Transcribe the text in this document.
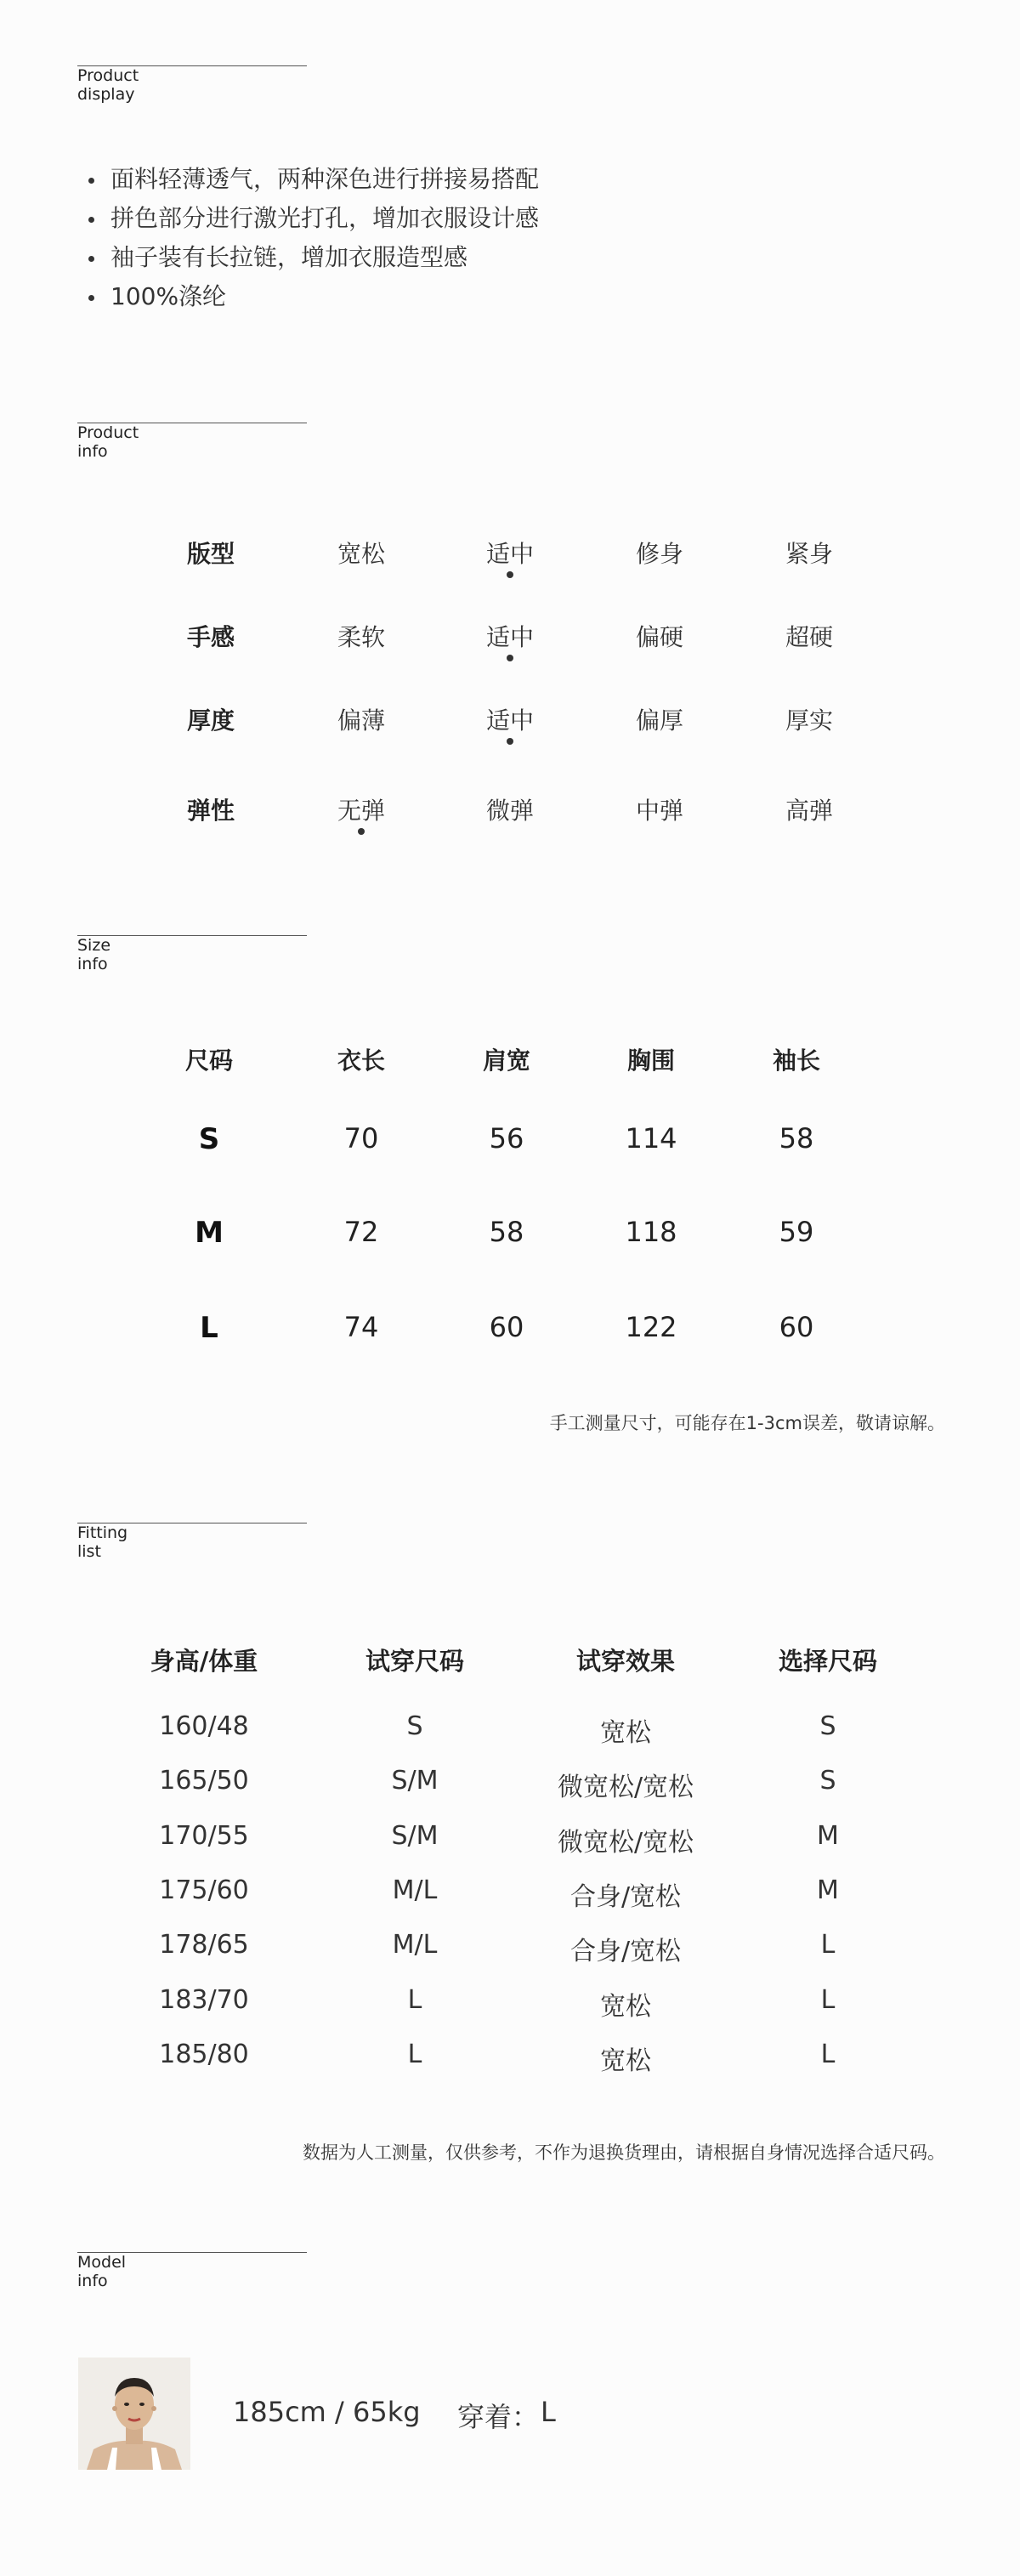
Product
display
面料轻薄透气，两种深色进行拼接易搭配
拼色部分进行激光打孔，增加衣服设计感
袖子装有长拉链，增加衣服造型感
100%涤纶
Product
info
版型	宽松	适中	修身	紧身
手感	柔软	适中	偏硬	超硬
厚度	偏薄	适中	偏厚	厚实
弹性	无弹	微弹	中弹	高弹
Size
info
尺码	衣长	肩宽	胸围	袖长
S	70	56	114	58
M	72	58	118	59
L	74	60	122	60
手工测量尺寸，可能存在1-3cm误差，敬请谅解。
Fitting
list
身高/体重	试穿尺码	试穿效果	选择尺码
160/48	S	宽松	S
165/50	S/M	微宽松/宽松	S
170/55	S/M	微宽松/宽松	M
175/60	M/L	合身/宽松	M
178/65	M/L	合身/宽松	L
183/70	L	宽松	L
185/80	L	宽松	L
数据为人工测量，仅供参考，不作为退换货理由，请根据自身情况选择合适尺码。
Model
info
185cm / 65kg 穿着： L
